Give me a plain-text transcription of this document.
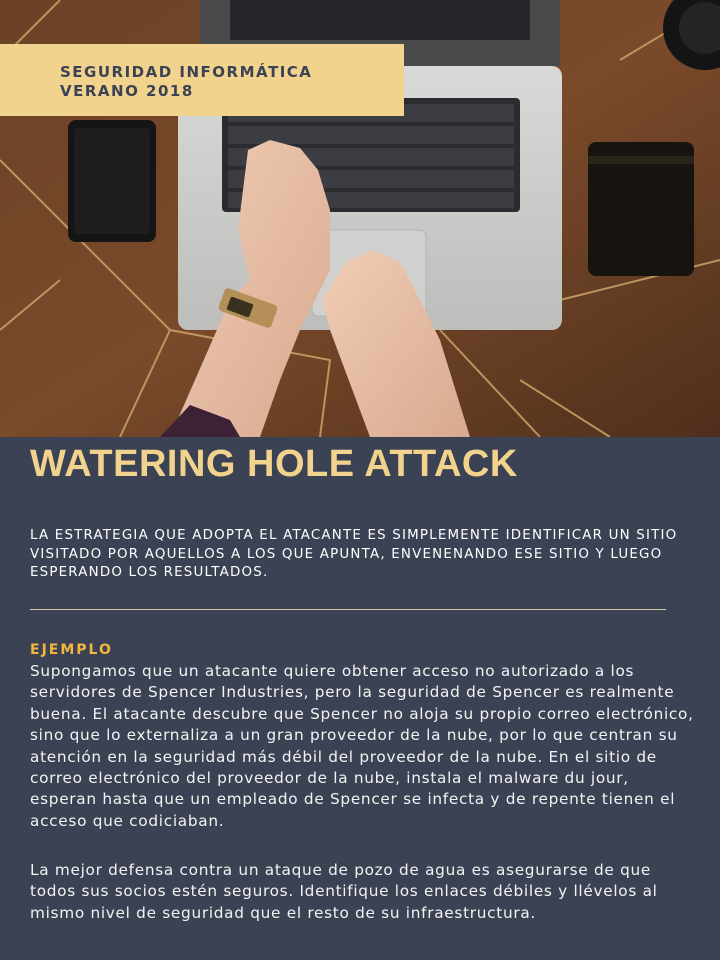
SEGURIDAD INFORMÁTICA
VERANO 2018
WATERING HOLE ATTACK

LA ESTRATEGIA QUE ADOPTA EL ATACANTE ES SIMPLEMENTE IDENTIFICAR UN SITIO VISITADO POR AQUELLOS A LOS QUE APUNTA, ENVENENANDO ESE SITIO Y LUEGO ESPERANDO LOS RESULTADOS.

EJEMPLO

Supongamos que un atacante quiere obtener acceso no autorizado a los servidores de Spencer Industries, pero la seguridad de Spencer es realmente buena. El atacante descubre que Spencer no aloja su propio correo electrónico, sino que lo externaliza a un gran proveedor de la nube, por lo que centran su atención en la seguridad más débil del proveedor de la nube. En el sitio de correo electrónico del proveedor de la nube, instala el malware du jour, esperan hasta que un empleado de Spencer se infecta y de repente tienen el acceso que codiciaban.

La mejor defensa contra un ataque de pozo de agua es asegurarse de que todos sus socios estén seguros. Identifique los enlaces débiles y llévelos al mismo nivel de seguridad que el resto de su infraestructura.
